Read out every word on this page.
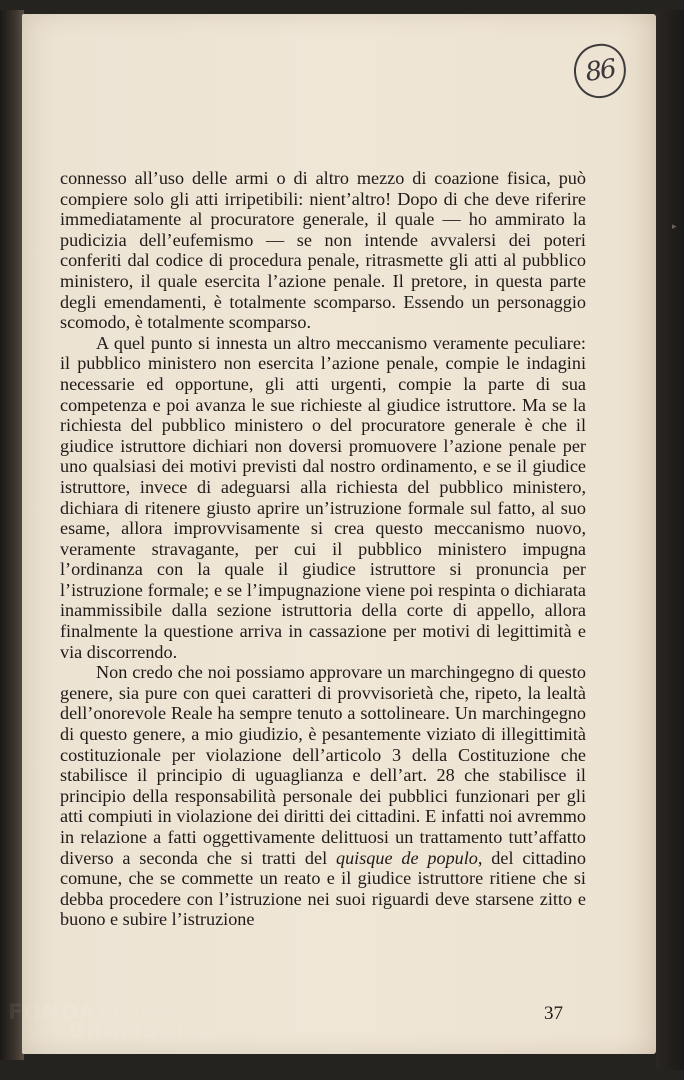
▸
86

connesso all’uso delle armi o di altro mezzo di coazione fisica, può compiere solo gli atti irripetibili: nient’altro! Dopo di che deve riferire immediatamente al procuratore generale, il quale — ho ammirato la pudicizia dell’eufemismo — se non intende avvalersi dei poteri conferiti dal codice di procedura penale, ritrasmette gli atti al pubblico ministero, il quale esercita l’azione penale. Il pretore, in questa parte degli emendamenti, è totalmente scomparso. Essendo un personaggio scomodo, è totalmente scomparso.

A quel punto si innesta un altro meccanismo veramente peculiare: il pubblico ministero non esercita l’azione penale, compie le indagini necessarie ed opportune, gli atti urgenti, compie la parte di sua competenza e poi avanza le sue richieste al giudice istruttore. Ma se la richiesta del pubblico ministero o del procuratore generale è che il giudice istruttore dichiari non doversi promuovere l’azione penale per uno qualsiasi dei motivi previsti dal nostro ordinamento, e se il giudice istruttore, invece di adeguarsi alla richiesta del pubblico ministero, dichiara di ritenere giusto aprire un’istruzione formale sul fatto, al suo esame, allora improvvisamente si crea questo meccanismo nuovo, veramente stravagante, per cui il pubblico ministero impugna l’ordinanza con la quale il giudice istruttore si pronuncia per l’istruzione formale; e se l’impugnazione viene poi respinta o dichiarata inammissibile dalla sezione istruttoria della corte di appello, allora finalmente la questione arriva in cassazione per motivi di legittimità e via discorrendo.

Non credo che noi possiamo approvare un marchingegno di questo genere, sia pure con quei caratteri di provvisorietà che, ripeto, la lealtà dell’onorevole Reale ha sempre tenuto a sottolineare. Un marchingegno di questo genere, a mio giudizio, è pesantemente viziato di illegittimità costituzionale per violazione dell’articolo 3 della Costituzione che stabilisce il principio di uguaglianza e dell’art. 28 che stabilisce il principio della responsabilità personale dei pubblici funzionari per gli atti compiuti in violazione dei diritti dei cittadini. E infatti noi avremmo in relazione a fatti oggettivamente delittuosi un trattamento tutt’affatto diverso a seconda che si tratti del quisque de populo, del cittadino comune, che se commette un reato e il giudice istruttore ritiene che si debba procedere con l’istruzione nei suoi riguardi deve starsene zitto e buono e subire l’istruzione

37
FONDAZIONE
GRAMSCI onlus
